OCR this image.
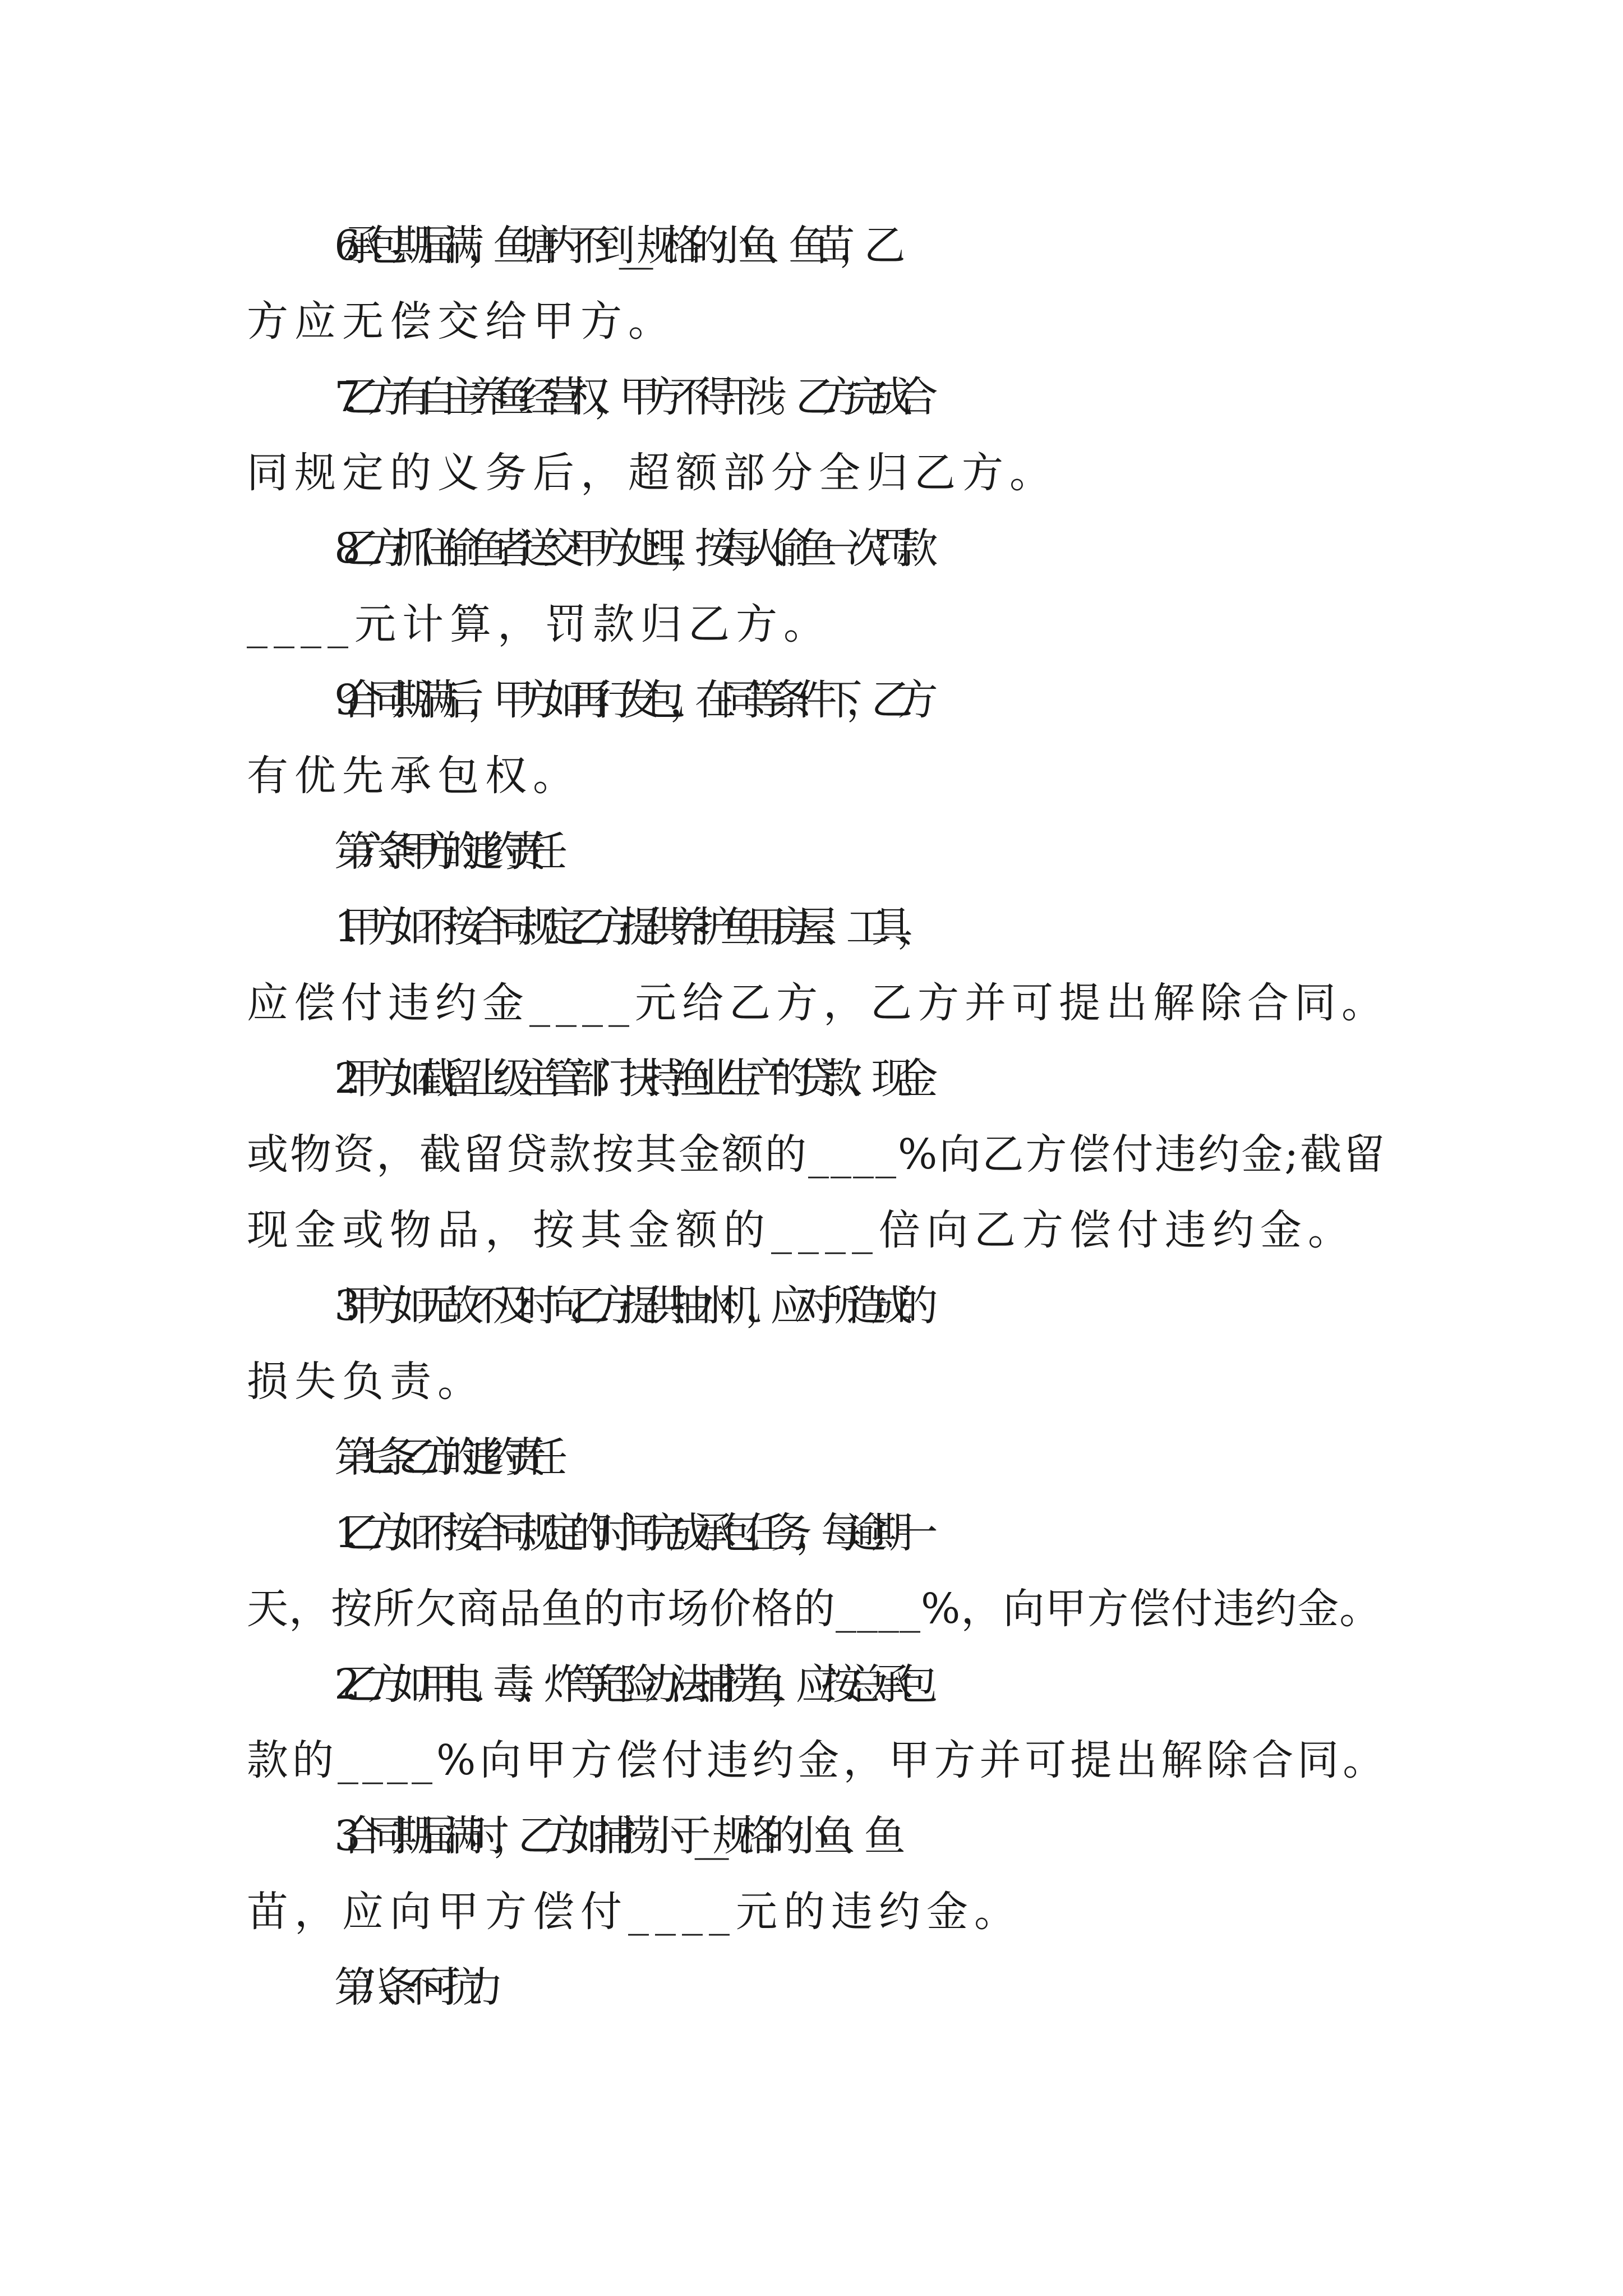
6.承包期届满，鱼塘内不到____规格的小鱼、鱼苗，乙
方应无偿交给甲方。
7.乙方有自主养鱼经营权，甲方不得干涉。乙方完成合
同规定的义务后，超额部分全归乙方。
8.乙方抓住偷鱼者送交甲方处理，按每人偷鱼一次罚款
____元计算，罚款归乙方。
9.合同期满后，甲方如再行发包，在同等条件下，乙方
有优先承包权。
第六条甲方的违约责任
1.甲方如不按合同规定乙方提供养护鱼用房屋、工具，
应偿付违约金____元给乙方，乙方并可提出解除合同。
2.甲方如截留上级主管部门扶持渔业生产的贷款、现金
或物资，截留贷款按其金额的____%向乙方偿付违约金;截留
现金或物品，按其金额的____倍向乙方偿付违约金。
3.甲方如无故不及时向乙方提供抽水机，应对所造成的
损失负责。
第七条乙方的违约责任
1.乙方如不按合同规定的时间完成承包任务，每逾期一
天，按所欠商品鱼的市场价格的____%，向甲方偿付违约金。
2.乙方如用电、毒、炸等危险办法捕捞鱼，应按总承包
款的____%向甲方偿付违约金，甲方并可提出解除合同。
3.合同期届满时，乙方如捕捞小于____规格的小鱼、鱼
苗，应向甲方偿付____元的违约金。
第八条不可抗力
